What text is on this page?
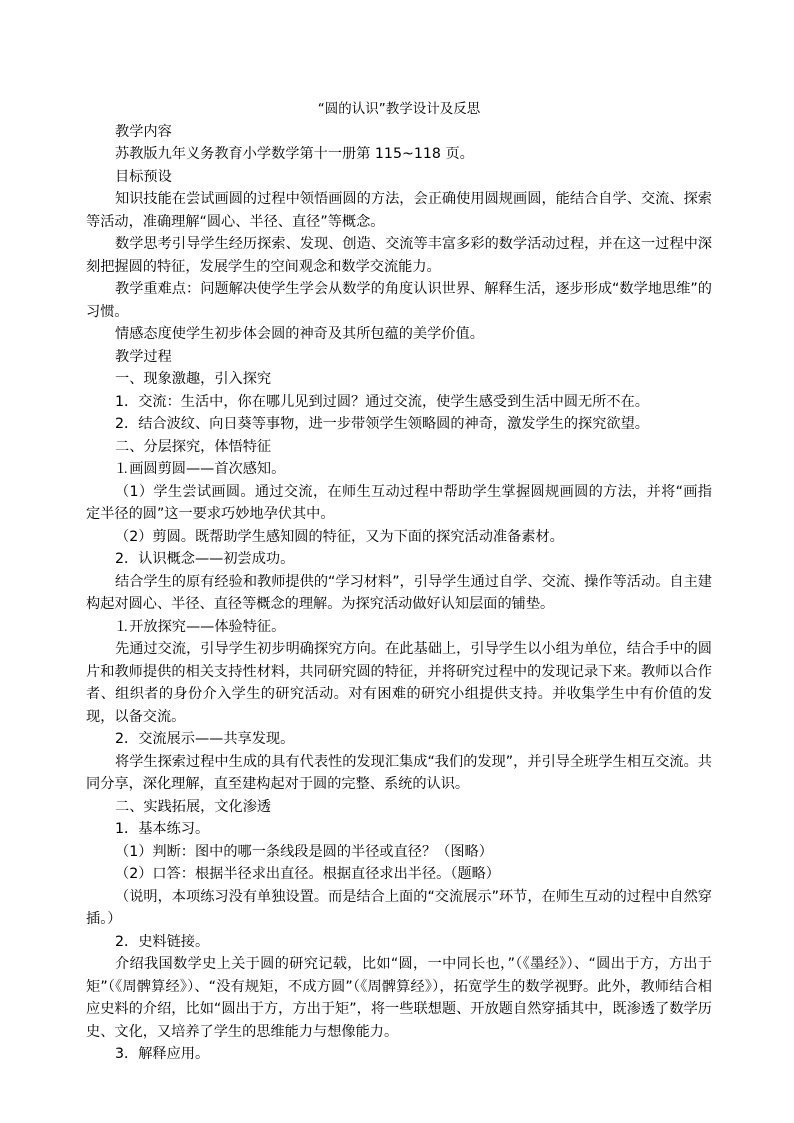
“圆的认识”教学设计及反思

教学内容

苏教版九年义务教育小学数学第十一册第 115~118 页。

目标预设

知识技能在尝试画圆的过程中领悟画圆的方法，会正确使用圆规画圆，能结合自学、交流、探索等活动，准确理解“圆心、半径、直径”等概念。

数学思考引导学生经历探索、发现、创造、交流等丰富多彩的数学活动过程，并在这一过程中深刻把握圆的特征，发展学生的空间观念和数学交流能力。

教学重难点：问题解决使学生学会从数学的角度认识世界、解释生活，逐步形成“数学地思维”的习惯。

情感态度使学生初步体会圆的神奇及其所包蕴的美学价值。

教学过程

一、现象激趣，引入探究

1．交流：生活中，你在哪儿见到过圆？通过交流，使学生感受到生活中圆无所不在。

2．结合波纹、向日葵等事物，进一步带领学生领略圆的神奇，激发学生的探究欲望。

二、分层探究，体悟特征

⒈画圆剪圆——首次感知。

（1）学生尝试画圆。通过交流，在师生互动过程中帮助学生掌握圆规画圆的方法，并将“画指定半径的圆”这一要求巧妙地孕伏其中。

（2）剪圆。既帮助学生感知圆的特征，又为下面的探究活动准备素材。

2．认识概念——初尝成功。

结合学生的原有经验和教师提供的“学习材料”，引导学生通过自学、交流、操作等活动。自主建构起对圆心、半径、直径等概念的理解。为探究活动做好认知层面的铺垫。

⒈开放探究——体验特征。

先通过交流，引导学生初步明确探究方向。在此基础上，引导学生以小组为单位，结合手中的圆片和教师提供的相关支持性材料，共同研究圆的特征，并将研究过程中的发现记录下来。教师以合作者、组织者的身份介入学生的研究活动。对有困难的研究小组提供支持。并收集学生中有价值的发现，以备交流。

2．交流展示——共享发现。

将学生探索过程中生成的具有代表性的发现汇集成“我们的发现”，并引导全班学生相互交流。共同分享，深化理解，直至建构起对于圆的完整、系统的认识。

二、实践拓展，文化渗透

1．基本练习。

（1）判断：图中的哪一条线段是圆的半径或直径？（图略）

（2）口答：根据半径求出直径。根据直径求出半径。（题略）

（说明，本项练习没有单独设置。而是结合上面的“交流展示”环节，在师生互动的过程中自然穿插。）

2．史料链接。

介绍我国数学史上关于圆的研究记载，比如“圆，一中同长也，”（《墨经》）、“圆出于方，方出于矩”（《周髀算经》）、“没有规矩，不成方圆”（《周髀算经》），拓宽学生的数学视野。此外，教师结合相应史料的介绍，比如“圆出于方，方出于矩”，将一些联想题、开放题自然穿插其中，既渗透了数学历史、文化，又培养了学生的思维能力与想像能力。

3．解释应用。
